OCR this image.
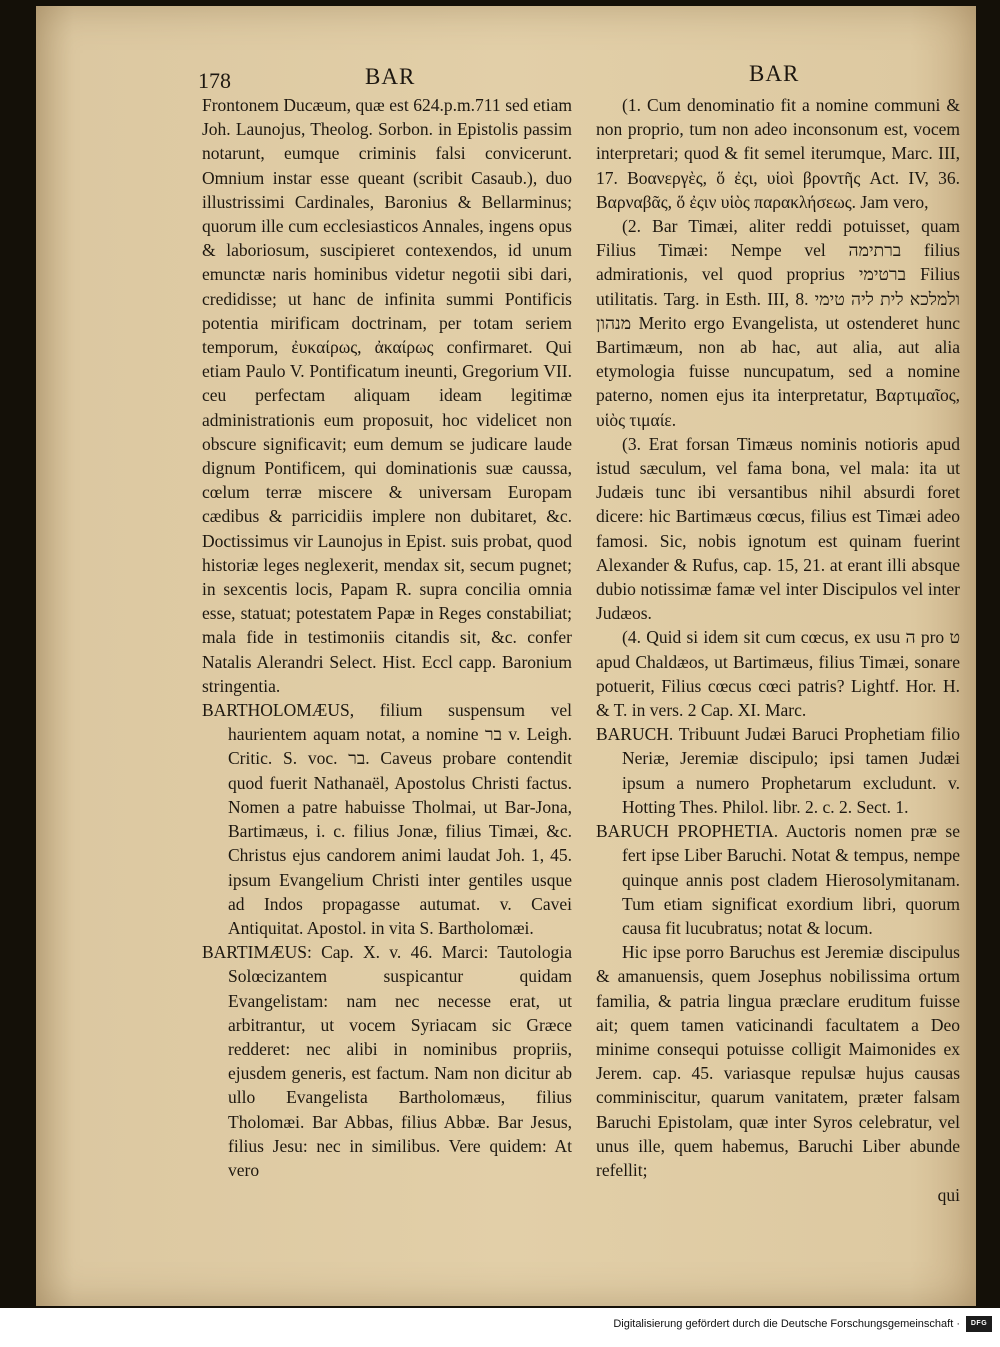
178	BAR	BAR

Frontonem Ducæum, quæ est 624.p.m.711 sed etiam Joh. Launojus, Theolog. Sorbon. in Epistolis passim notarunt, eumque criminis falsi convicerunt. Omnium instar esse queant (scribit Casaub.), duo illustrissimi Cardinales, Baronius & Bellarminus; quorum ille cum ecclesiasticos Annales, ingens opus & laboriosum, suscipieret contexendos, id unum emunctæ naris hominibus videtur negotii sibi dari, credidisse; ut hanc de infinita summi Pontificis potentia mirificam doctrinam, per totam seriem temporum, ἐυκαίρως, ἀκαίρως confirmaret. Qui etiam Paulo V. Pontificatum ineunti, Gregorium VII. ceu perfectam aliquam ideam legitimæ administrationis eum proposuit, hoc videlicet non obscure significavit; eum demum se judicare laude dignum Pontificem, qui dominationis suæ caussa, cœlum terræ miscere & universam Europam cædibus & parricidiis implere non dubitaret, &c. Doctissimus vir Launojus in Epist. suis probat, quod historiæ leges neglexerit, mendax sit, secum pugnet; in sexcentis locis, Papam R. supra concilia omnia esse, statuat; potestatem Papæ in Reges constabiliat; mala fide in testimoniis citandis sit, &c. confer Natalis Alerandri Select. Hist. Eccl capp. Baronium stringentia.

BARTHOLOMÆUS, filium suspensum vel haurientem aquam notat, a nomine בר v. Leigh. Critic. S. voc. בר. Caveus probare contendit quod fuerit Nathanaël, Apostolus Christi factus. Nomen a patre habuisse Tholmai, ut Bar-Jona, Bartimæus, i. c. filius Jonæ, filius Timæi, &c. Christus ejus candorem animi laudat Joh. 1, 45. ipsum Evangelium Christi inter gentiles usque ad Indos propagasse autumat. v. Cavei Antiquitat. Apostol. in vita S. Bartholomæi.

BARTIMÆUS: Cap. X. v. 46. Marci: Tautologia Solœcizantem suspicantur quidam Evangelistam: nam nec necesse erat, ut arbitrantur, ut vocem Syriacam sic Græce redderet: nec alibi in nominibus propriis, ejusdem generis, est factum. Nam non dicitur ab ullo Evangelista Bartholomæus, filius Tholomæi. Bar Abbas, filius Abbæ. Bar Jesus, filius Jesu: nec in similibus. Vere quidem: At vero

(1. Cum denominatio fit a nomine communi & non proprio, tum non adeo inconsonum est, vocem interpretari; quod & fit semel iterumque, Marc. III, 17. Βοανεργὲς, ὅ ἐςι, υἱοὶ βροντῆς Act. IV, 36. Βαρναβᾶς, ὅ ἐςιν υἱὸς παρακλήσεως. Jam vero,

(2. Bar Timæi, aliter reddi potuisset, quam Filius Timæi: Nempe vel ברתימה filius admirationis, vel quod proprius ברטימי Filius utilitatis. Targ. in Esth. III, 8. ולמלכא לית ליה טימי מנהון Merito ergo Evangelista, ut ostenderet hunc Bartimæum, non ab hac, aut alia, aut alia etymologia fuisse nuncupatum, sed a nomine paterno, nomen ejus ita interpretatur, Βαρτιμαῖος, υἱὸς τιμαίε.

(3. Erat forsan Timæus nominis notioris apud istud sæculum, vel fama bona, vel mala: ita ut Judæis tunc ibi versantibus nihil absurdi foret dicere: hic Bartimæus cœcus, filius est Timæi adeo famosi. Sic, nobis ignotum est quinam fuerint Alexander & Rufus, cap. 15, 21. at erant illi absque dubio notissimæ famæ vel inter Discipulos vel inter Judæos.

(4. Quid si idem sit cum cœcus, ex usu ה pro ט apud Chaldæos, ut Bartimæus, filius Timæi, sonare potuerit, Filius cœcus cœci patris? Lightf. Hor. H. & T. in vers. 2 Cap. XI. Marc.

BARUCH. Tribuunt Judæi Baruci Prophetiam filio Neriæ, Jeremiæ discipulo; ipsi tamen Judæi ipsum a numero Prophetarum excludunt. v. Hotting Thes. Philol. libr. 2. c. 2. Sect. 1.

BARUCH PROPHETIA. Auctoris nomen præ se fert ipse Liber Baruchi. Notat & tempus, nempe quinque annis post cladem Hierosolymitanam. Tum etiam significat exordium libri, quorum causa fit lucubratus; notat & locum.

Hic ipse porro Baruchus est Jeremiæ discipulus & amanuensis, quem Josephus nobilissima ortum familia, & patria lingua præclare eruditum fuisse ait; quem tamen vaticinandi facultatem a Deo minime consequi potuisse colligit Maimonides ex Jerem. cap. 45. variasque repulsæ hujus causas comminiscitur, quarum vanitatem, præter falsam Baruchi Epistolam, quæ inter Syros celebratur, vel unus ille, quem habemus, Baruchi Liber abunde refellit;

qui

Digitalisierung gefördert durch die Deutsche Forschungsgemeinschaft ·	DFG
